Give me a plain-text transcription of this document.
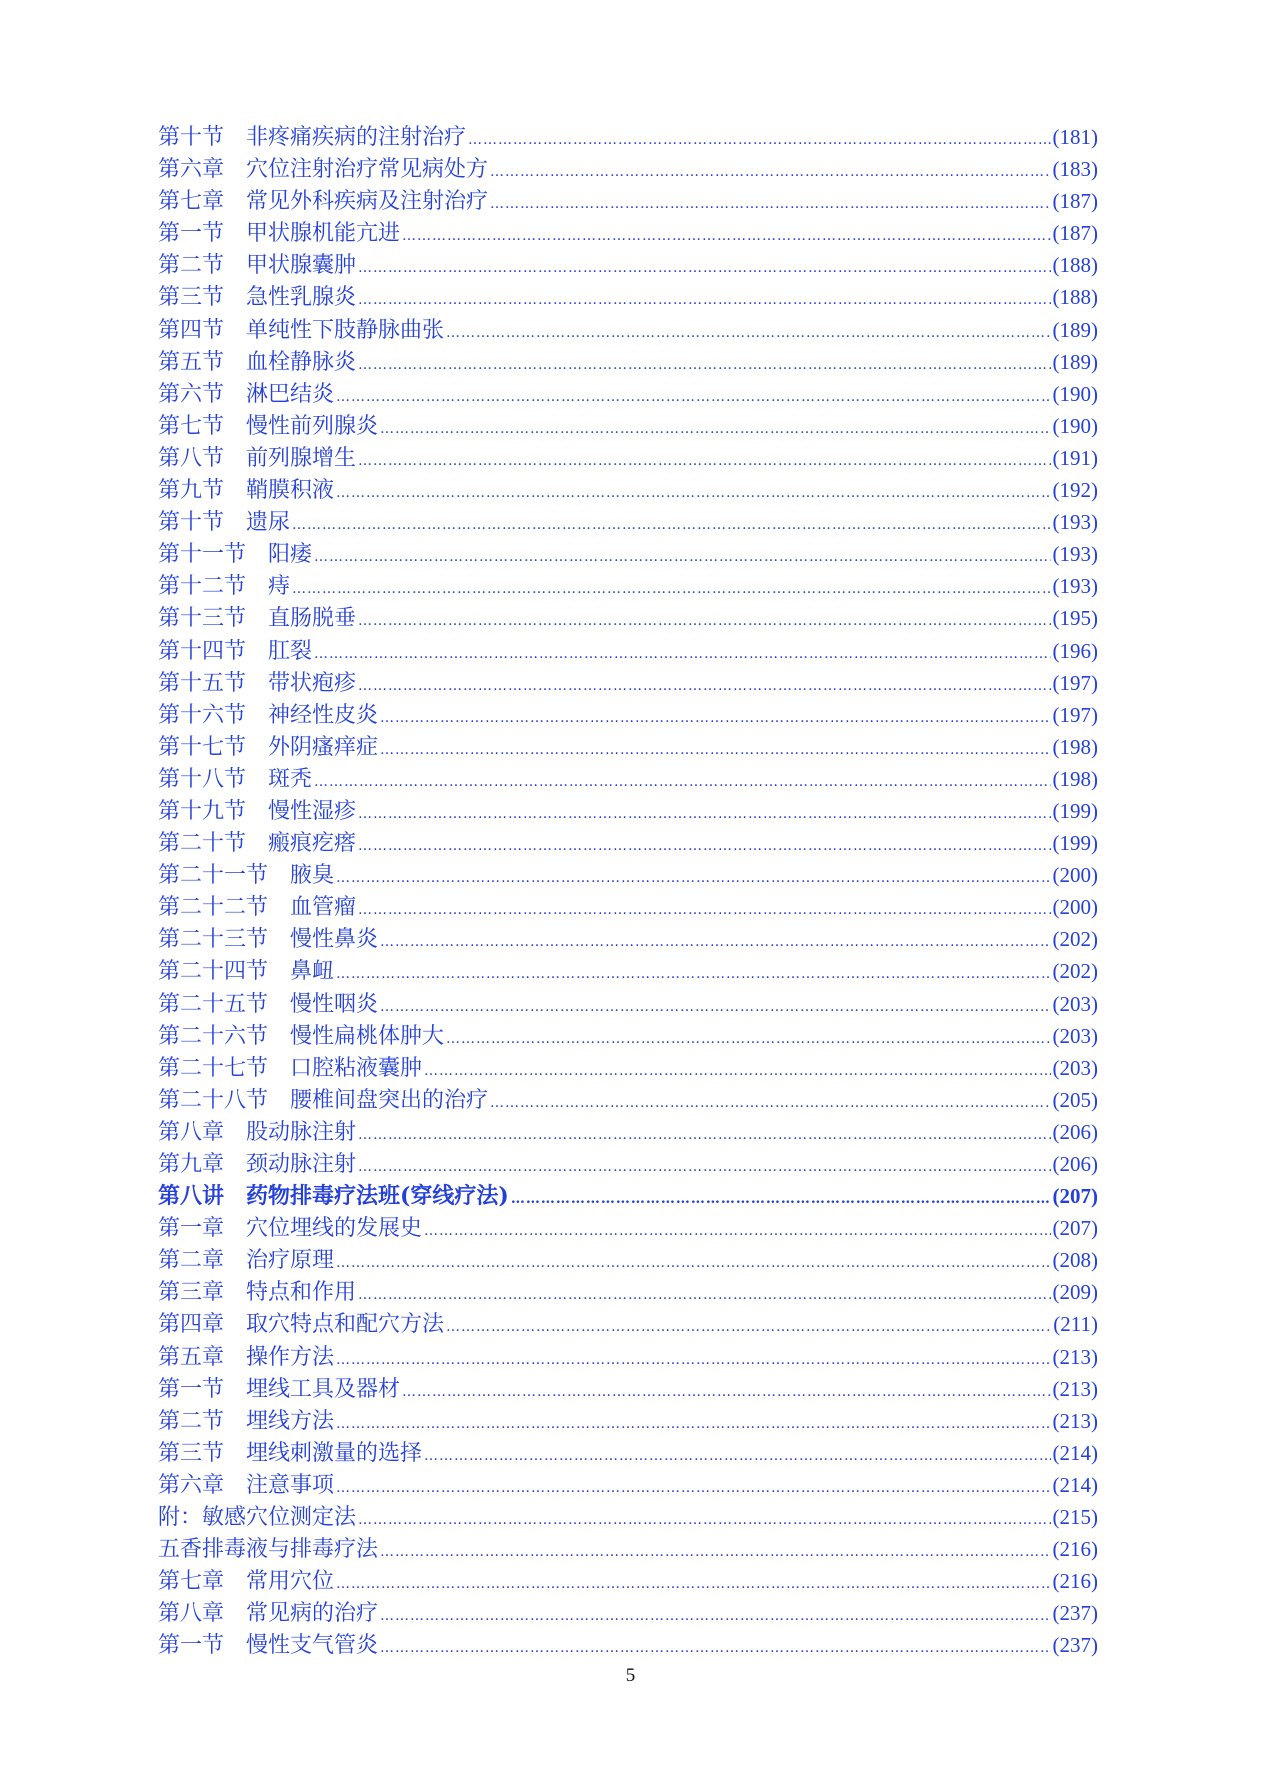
第十节　非疼痛疾病的注射治疗 …………………………………………………………………………………………………………………………………………………………………………………………………………	(181)
第六章　穴位注射治疗常见病处方 …………………………………………………………………………………………………………………………………………………………………………………………………………	(183)
第七章　常见外科疾病及注射治疗 …………………………………………………………………………………………………………………………………………………………………………………………………………	(187)
第一节　甲状腺机能亢进 …………………………………………………………………………………………………………………………………………………………………………………………………………	(187)
第二节　甲状腺囊肿 …………………………………………………………………………………………………………………………………………………………………………………………………………	(188)
第三节　急性乳腺炎 …………………………………………………………………………………………………………………………………………………………………………………………………………	(188)
第四节　单纯性下肢静脉曲张 …………………………………………………………………………………………………………………………………………………………………………………………………………	(189)
第五节　血栓静脉炎 …………………………………………………………………………………………………………………………………………………………………………………………………………	(189)
第六节　淋巴结炎 …………………………………………………………………………………………………………………………………………………………………………………………………………	(190)
第七节　慢性前列腺炎 …………………………………………………………………………………………………………………………………………………………………………………………………………	(190)
第八节　前列腺增生 …………………………………………………………………………………………………………………………………………………………………………………………………………	(191)
第九节　鞘膜积液 …………………………………………………………………………………………………………………………………………………………………………………………………………	(192)
第十节　遗尿 …………………………………………………………………………………………………………………………………………………………………………………………………………	(193)
第十一节　阳痿 …………………………………………………………………………………………………………………………………………………………………………………………………………	(193)
第十二节　痔 …………………………………………………………………………………………………………………………………………………………………………………………………………	(193)
第十三节　直肠脱垂 …………………………………………………………………………………………………………………………………………………………………………………………………………	(195)
第十四节　肛裂 …………………………………………………………………………………………………………………………………………………………………………………………………………	(196)
第十五节　带状疱疹 …………………………………………………………………………………………………………………………………………………………………………………………………………	(197)
第十六节　神经性皮炎 …………………………………………………………………………………………………………………………………………………………………………………………………………	(197)
第十七节　外阴瘙痒症 …………………………………………………………………………………………………………………………………………………………………………………………………………	(198)
第十八节　斑秃 …………………………………………………………………………………………………………………………………………………………………………………………………………	(198)
第十九节　慢性湿疹 …………………………………………………………………………………………………………………………………………………………………………………………………………	(199)
第二十节　瘢痕疙瘩 …………………………………………………………………………………………………………………………………………………………………………………………………………	(199)
第二十一节　腋臭 …………………………………………………………………………………………………………………………………………………………………………………………………………	(200)
第二十二节　血管瘤 …………………………………………………………………………………………………………………………………………………………………………………………………………	(200)
第二十三节　慢性鼻炎 …………………………………………………………………………………………………………………………………………………………………………………………………………	(202)
第二十四节　鼻衄 …………………………………………………………………………………………………………………………………………………………………………………………………………	(202)
第二十五节　慢性咽炎 …………………………………………………………………………………………………………………………………………………………………………………………………………	(203)
第二十六节　慢性扁桃体肿大 …………………………………………………………………………………………………………………………………………………………………………………………………………	(203)
第二十七节　口腔粘液囊肿 …………………………………………………………………………………………………………………………………………………………………………………………………………	(203)
第二十八节　腰椎间盘突出的治疗 …………………………………………………………………………………………………………………………………………………………………………………………………………	(205)
第八章　股动脉注射 …………………………………………………………………………………………………………………………………………………………………………………………………………	(206)
第九章　颈动脉注射 …………………………………………………………………………………………………………………………………………………………………………………………………………	(206)
第八讲　药物排毒疗法班(穿线疗法) …………………………………………………………………………………………………………………………………………………………………………………………………………	(207)
第一章　穴位埋线的发展史 …………………………………………………………………………………………………………………………………………………………………………………………………………	(207)
第二章　治疗原理 …………………………………………………………………………………………………………………………………………………………………………………………………………	(208)
第三章　特点和作用 …………………………………………………………………………………………………………………………………………………………………………………………………………	(209)
第四章　取穴特点和配穴方法 …………………………………………………………………………………………………………………………………………………………………………………………………………	(211)
第五章　操作方法 …………………………………………………………………………………………………………………………………………………………………………………………………………	(213)
第一节　埋线工具及器材 …………………………………………………………………………………………………………………………………………………………………………………………………………	(213)
第二节　埋线方法 …………………………………………………………………………………………………………………………………………………………………………………………………………	(213)
第三节　埋线刺激量的选择 …………………………………………………………………………………………………………………………………………………………………………………………………………	(214)
第六章　注意事项 …………………………………………………………………………………………………………………………………………………………………………………………………………	(214)
附：敏感穴位测定法 …………………………………………………………………………………………………………………………………………………………………………………………………………	(215)
五香排毒液与排毒疗法 …………………………………………………………………………………………………………………………………………………………………………………………………………	(216)
第七章　常用穴位 …………………………………………………………………………………………………………………………………………………………………………………………………………	(216)
第八章　常见病的治疗 …………………………………………………………………………………………………………………………………………………………………………………………………………	(237)
第一节　慢性支气管炎 …………………………………………………………………………………………………………………………………………………………………………………………………………	(237)
5
